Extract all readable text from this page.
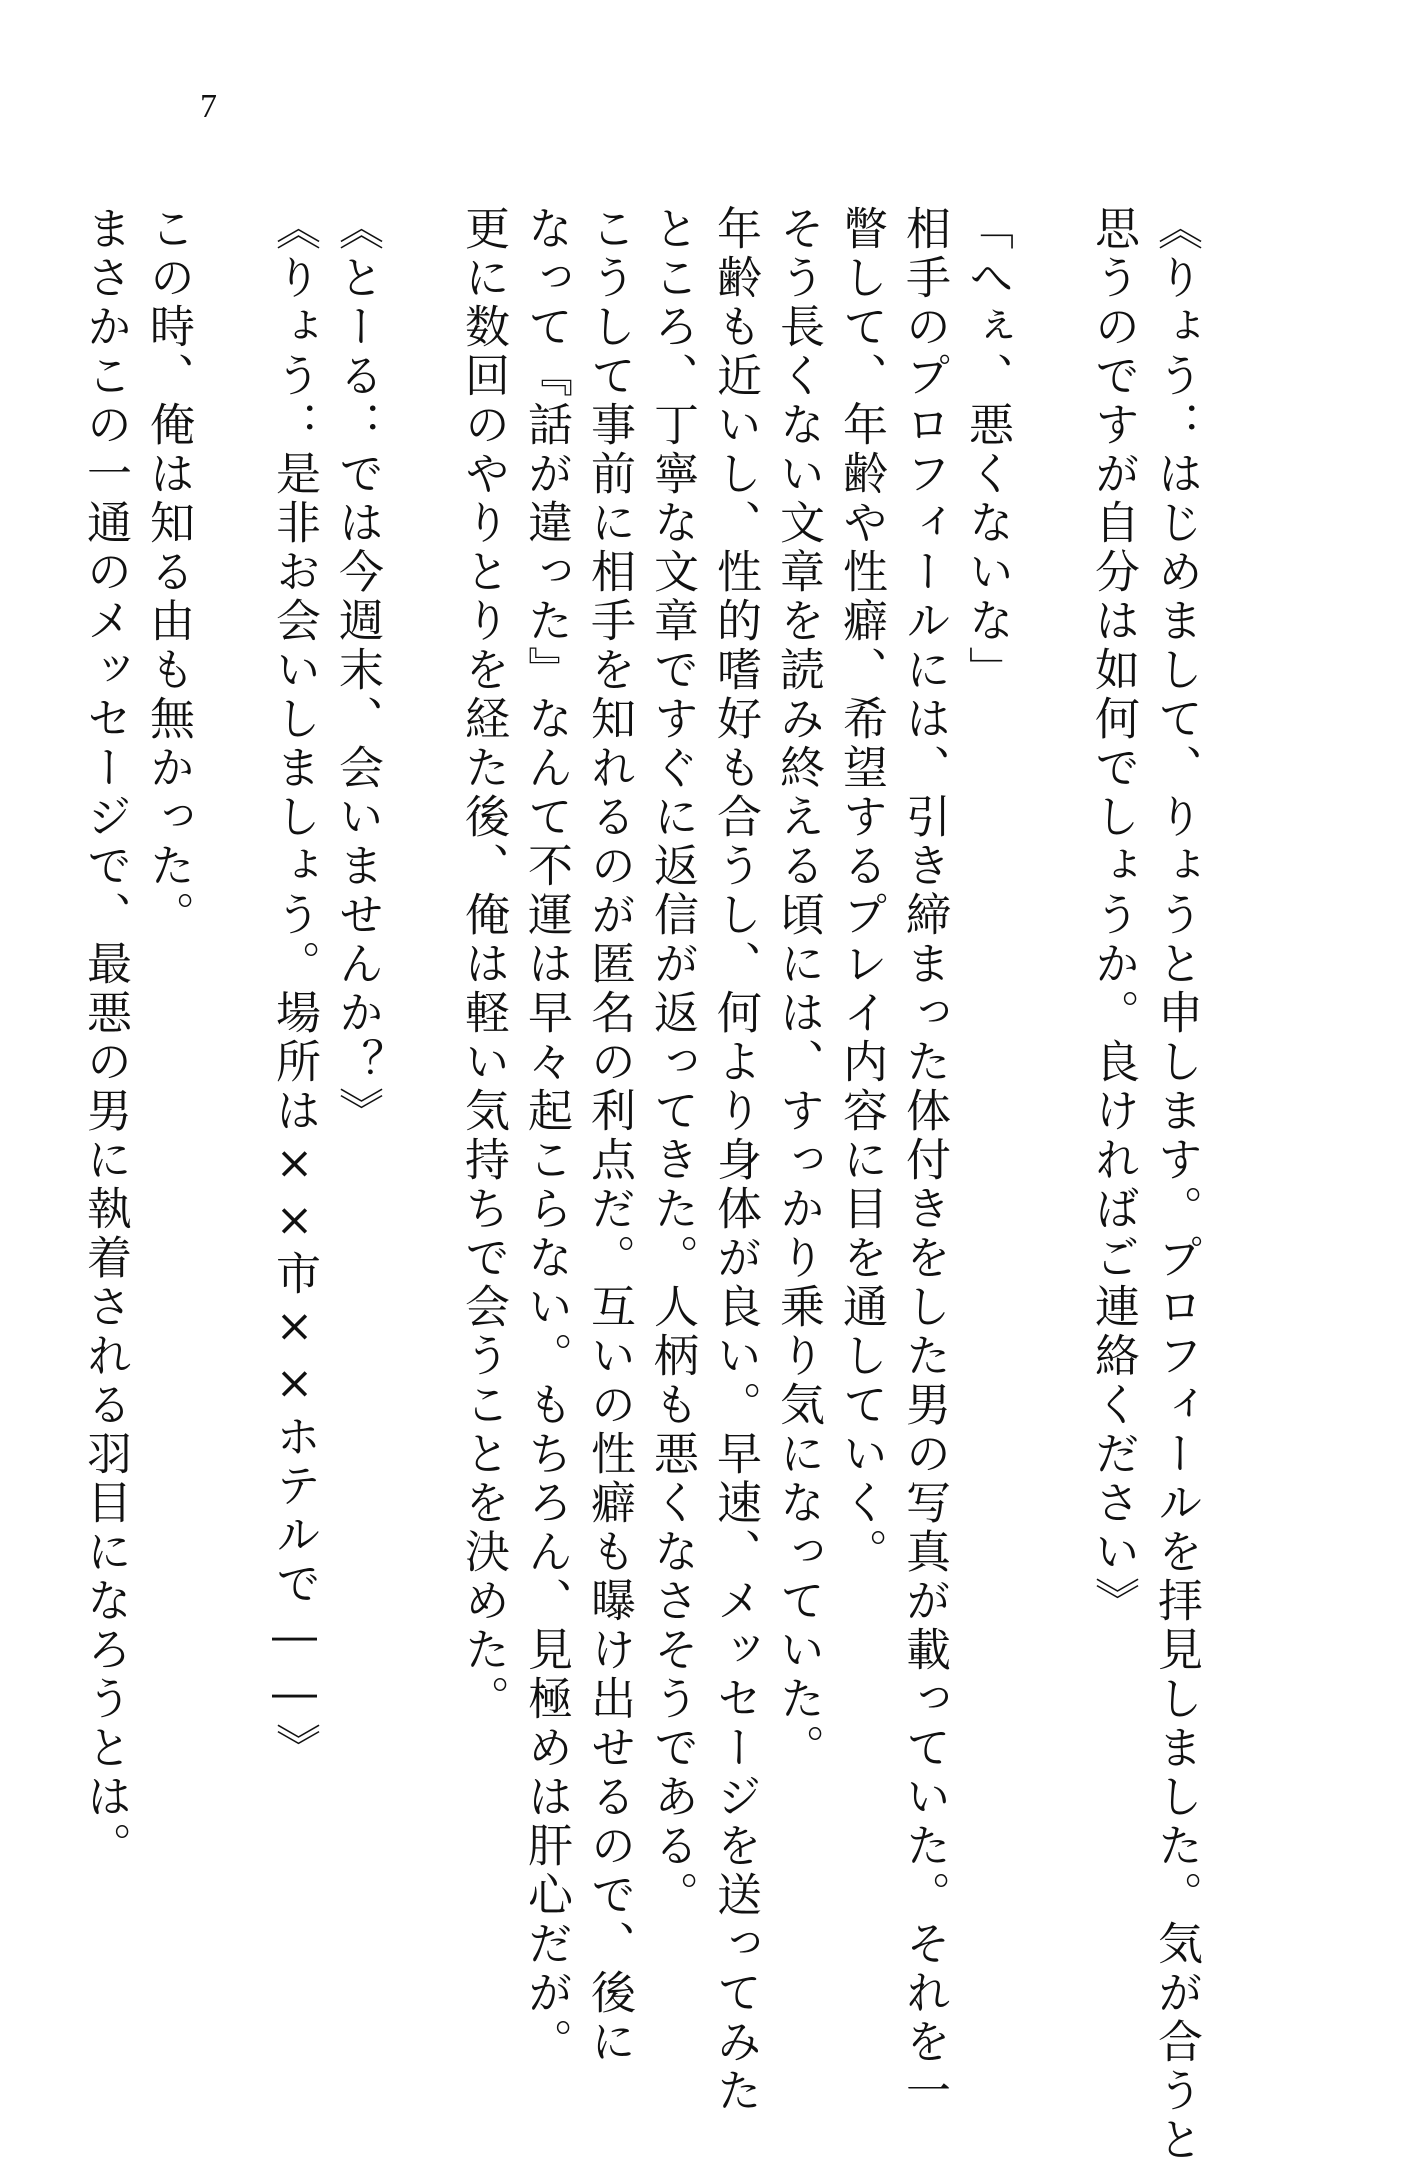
7
《りょう：はじめまして、りょうと申します。プロフィールを拝見しました。気が合うと
思うのですが自分は如何でしょうか。良ければご連絡ください》
「へぇ、悪くないな」
相手のプロフィールには、引き締まった体付きをした男の写真が載っていた。それを一
瞥して、年齢や性癖、希望するプレイ内容に目を通していく。
そう長くない文章を読み終える頃には、すっかり乗り気になっていた。
年齢も近いし、性的嗜好も合うし、何より身体が良い。早速、メッセージを送ってみた
ところ、丁寧な文章ですぐに返信が返ってきた。人柄も悪くなさそうである。
こうして事前に相手を知れるのが匿名の利点だ。互いの性癖も曝け出せるので、後に
なって『話が違った』なんて不運は早々起こらない。もちろん、見極めは肝心だが。
更に数回のやりとりを経た後、俺は軽い気持ちで会うことを決めた。
《とーる：では今週末、会いませんか？》
《りょう：是非お会いしましょう。場所は××市××ホテルで――》
この時、俺は知る由も無かった。
まさかこの一通のメッセージで、最悪の男に執着される羽目になろうとは。
